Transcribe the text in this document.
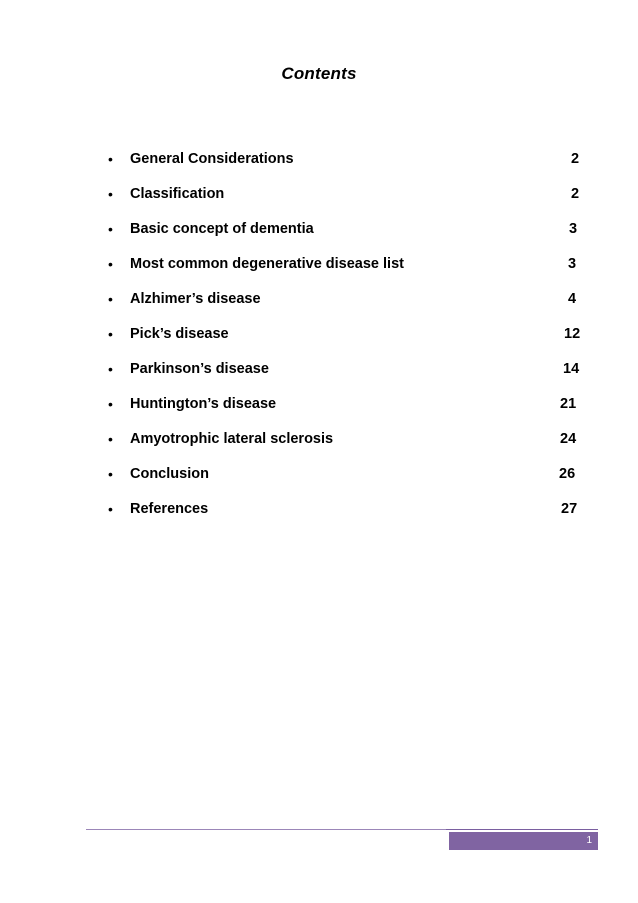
Contents
• General Considerations	2
• Classification	2
• Basic concept of dementia	3
• Most common degenerative disease list	3
• Alzhimer’s disease	4
• Pick’s disease	12
• Parkinson’s disease	14
• Huntington’s disease	21
• Amyotrophic lateral sclerosis	24
• Conclusion	26
• References	27
1
